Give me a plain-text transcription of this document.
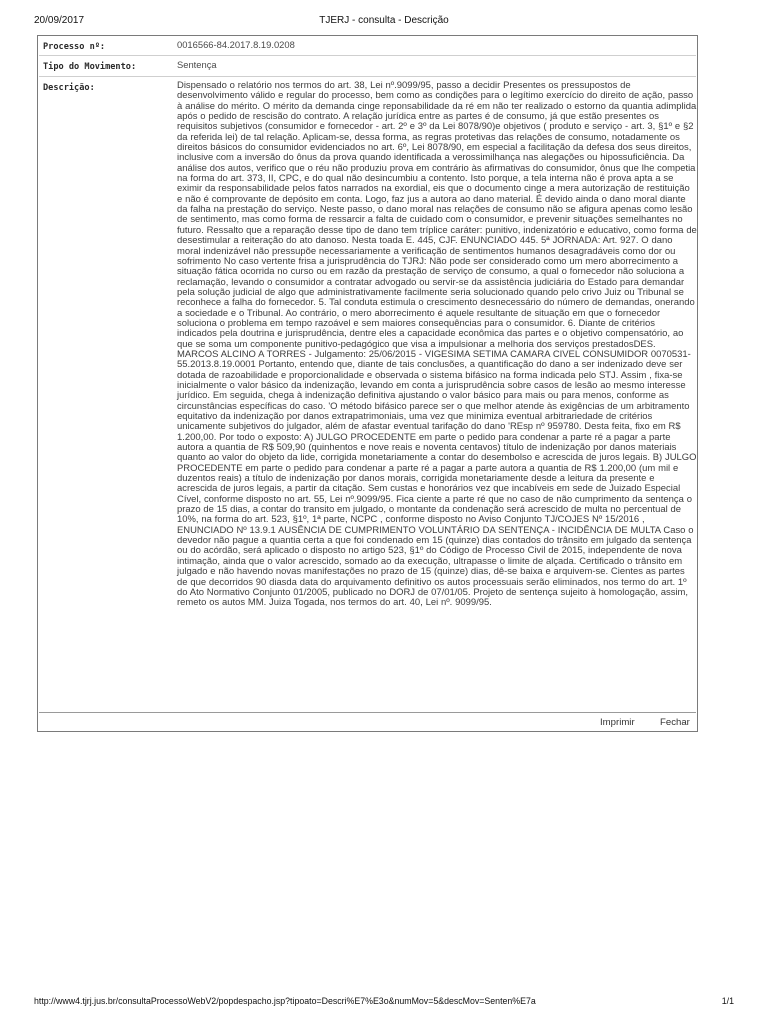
20/09/2017	TJERJ - consulta - Descrição
Processo nº:	0016566-84.2017.8.19.0208
Tipo do Movimento:	Sentença
Descrição:	Dispensado o relatório nos termos do art. 38, Lei nº.9099/95, passo a decidir Presentes os pressupostos de desenvolvimento válido e regular do processo, bem como as condições para o legítimo exercício do direito de ação, passo à análise do mérito. O mérito da demanda cinge reponsabilidade da ré em não ter realizado o estorno da quantia adimplida após o pedido de rescisão do contrato. A relação jurídica entre as partes é de consumo, já que estão presentes os requisitos subjetivos (consumidor e fornecedor - art. 2º e 3º da Lei 8078/90)e objetivos ( produto e serviço - art. 3, §1º e §2 da referida lei) de tal relação. Aplicam-se, dessa forma, as regras protetivas das relações de consumo, notadamente os direitos básicos do consumidor evidenciados no art. 6º, Lei 8078/90, em especial a facilitação da defesa dos seus direitos, inclusive com a inversão do ônus da prova quando identificada a verossimilhança nas alegações ou hipossuficiência. Da análise dos autos, verifico que o réu não produziu prova em contrário às afirmativas do consumidor, ônus que lhe competia na forma do art. 373, II, CPC, e do qual não desincumbiu a contento. Isto porque, a tela interna não é prova apta a se eximir da responsabilidade pelos fatos narrados na exordial, eis que o documento cinge a mera autorização de restituição e não é comprovante de depósito em conta. Logo, faz jus a autora ao dano material. É devido ainda o dano moral diante da falha na prestação do serviço. Neste passo, o dano moral nas relações de consumo não se afigura apenas como lesão de sentimento, mas como forma de ressarcir a falta de cuidado com o consumidor, e prevenir situações semelhantes no futuro. Ressalto que a reparação desse tipo de dano tem tríplice caráter: punitivo, indenizatório e educativo, como forma de desestimular a reiteração do ato danoso. Nesta toada E. 445, CJF. ENUNCIADO 445. 5ª JORNADA: Art. 927. O dano moral indenizável não pressupõe necessariamente a verificação de sentimentos humanos desagradáveis como dor ou sofrimento No caso vertente frisa a jurisprudência do TJRJ: Não pode ser considerado como um mero aborrecimento a situação fática ocorrida no curso ou em razão da prestação de serviço de consumo, a qual o fornecedor não soluciona a reclamação, levando o consumidor a contratar advogado ou servir-se da assistência judiciária do Estado para demandar pela solução judicial de algo que administrativamente facilmente seria solucionado quando pelo crivo Juiz ou Tribunal se reconhece a falha do fornecedor. 5. Tal conduta estimula o crescimento desnecessário do número de demandas, onerando a sociedade e o Tribunal. Ao contrário, o mero aborrecimento é aquele resultante de situação em que o fornecedor soluciona o problema em tempo razoável e sem maiores consequências para o consumidor. 6. Diante de critérios indicados pela doutrina e jurisprudência, dentre eles a capacidade econômica das partes e o objetivo compensatório, ao que se soma um componente punitivo-pedagógico que visa a impulsionar a melhoria dos serviços prestadosDES. MARCOS ALCINO A TORRES - Julgamento: 25/06/2015 - VIGESIMA SETIMA CAMARA CIVEL CONSUMIDOR 0070531-55.2013.8.19.0001 Portanto, entendo que, diante de tais conclusões, a quantificação do dano a ser indenizado deve ser dotada de razoabilidade e proporcionalidade e observada o sistema bifásico na forma indicada pelo STJ. Assim , fixa-se inicialmente o valor básico da indenização, levando em conta a jurisprudência sobre casos de lesão ao mesmo interesse jurídico. Em seguida, chega à indenização definitiva ajustando o valor básico para mais ou para menos, conforme as circunstâncias específicas do caso. 'O método bifásico parece ser o que melhor atende às exigências de um arbitramento equitativo da indenização por danos extrapatrimoniais, uma vez que minimiza eventual arbitrariedade de critérios unicamente subjetivos do julgador, além de afastar eventual tarifação do dano 'REsp nº 959780. Desta feita, fixo em R$ 1.200,00. Por todo o exposto: A) JULGO PROCEDENTE em parte o pedido para condenar a parte ré a pagar a parte autora a quantia de R$ 509,90 (quinhentos e nove reais e noventa centavos) título de indenização por danos materiais quanto ao valor do objeto da lide, corrigida monetariamente a contar do desembolso e acrescida de juros legais. B) JULGO PROCEDENTE em parte o pedido para condenar a parte ré a pagar a parte autora a quantia de R$ 1.200,00 (um mil e duzentos reais) a título de indenização por danos morais, corrigida monetariamente desde a leitura da presente e acrescida de juros legais, a partir da citação. Sem custas e honorários vez que incabíveis em sede de Juizado Especial Cível, conforme disposto no art. 55, Lei nº.9099/95. Fica ciente a parte ré que no caso de não cumprimento da sentença o prazo de 15 dias, a contar do transito em julgado, o montante da condenação será acrescido de multa no percentual de 10%, na forma do art. 523, §1º, 1ª parte, NCPC , conforme disposto no Aviso Conjunto TJ/COJES Nº 15/2016 , ENUNCIADO Nº 13.9.1 AUSÊNCIA DE CUMPRIMENTO VOLUNTÁRIO DA SENTENÇA - INCIDÊNCIA DE MULTA Caso o devedor não pague a quantia certa a que foi condenado em 15 (quinze) dias contados do trânsito em julgado da sentença ou do acórdão, será aplicado o disposto no artigo 523, §1º do Código de Processo Civil de 2015, independente de nova intimação, ainda que o valor acrescido, somado ao da execução, ultrapasse o limite de alçada. Certificado o trânsito em julgado e não havendo novas manifestações no prazo de 15 (quinze) dias, dê-se baixa e arquivem-se. Cientes as partes de que decorridos 90 diasda data do arquivamento definitivo os autos processuais serão eliminados, nos termo do art. 1º do Ato Normativo Conjunto 01/2005, publicado no DORJ de 07/01/05. Projeto de sentença sujeito à homologação, assim, remeto os autos MM. Juiza Togada, nos termos do art. 40, Lei nº. 9099/95.
Imprimir	Fechar
http://www4.tjrj.jus.br/consultaProcessoWebV2/popdespacho.jsp?tipoato=Descri%E7%E3o&numMov=5&descMov=Senten%E7a	1/1
